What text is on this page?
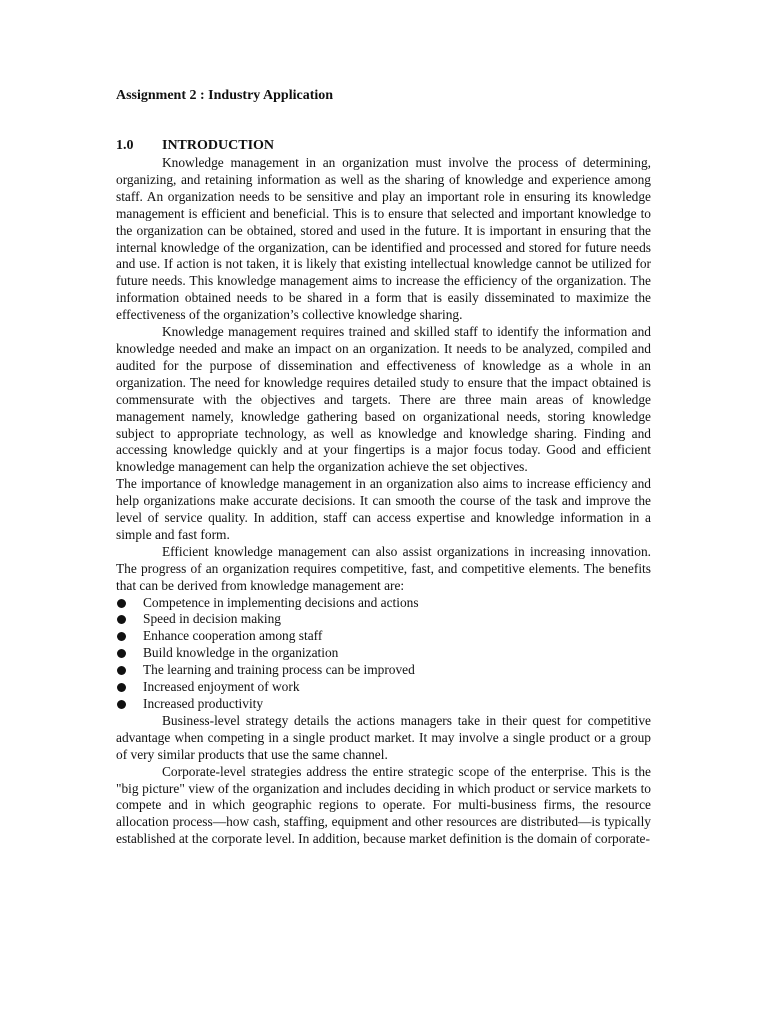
Assignment 2 : Industry Application
1.0 INTRODUCTION

Knowledge management in an organization must involve the process of determining, organizing, and retaining information as well as the sharing of knowledge and experience among staff. An organization needs to be sensitive and play an important role in ensuring its knowledge management is efficient and beneficial. This is to ensure that selected and important knowledge to the organization can be obtained, stored and used in the future. It is important in ensuring that the internal knowledge of the organization, can be identified and processed and stored for future needs and use. If action is not taken, it is likely that existing intellectual knowledge cannot be utilized for future needs. This knowledge management aims to increase the efficiency of the organization. The information obtained needs to be shared in a form that is easily disseminated to maximize the effectiveness of the organization’s collective knowledge sharing.

Knowledge management requires trained and skilled staff to identify the information and knowledge needed and make an impact on an organization. It needs to be analyzed, compiled and audited for the purpose of dissemination and effectiveness of knowledge as a whole in an organization. The need for knowledge requires detailed study to ensure that the impact obtained is commensurate with the objectives and targets. There are three main areas of knowledge management namely, knowledge gathering based on organizational needs, storing knowledge subject to appropriate technology, as well as knowledge and knowledge sharing. Finding and accessing knowledge quickly and at your fingertips is a major focus today. Good and efficient knowledge management can help the organization achieve the set objectives.

The importance of knowledge management in an organization also aims to increase efficiency and help organizations make accurate decisions. It can smooth the course of the task and improve the level of service quality. In addition, staff can access expertise and knowledge information in a simple and fast form.

Efficient knowledge management can also assist organizations in increasing innovation. The progress of an organization requires competitive, fast, and competitive elements. The benefits that can be derived from knowledge management are:

Competence in implementing decisions and actions
Speed in decision making
Enhance cooperation among staff
Build knowledge in the organization
The learning and training process can be improved
Increased enjoyment of work
Increased productivity

Business-level strategy details the actions managers take in their quest for competitive advantage when competing in a single product market. It may involve a single product or a group of very similar products that use the same channel.

Corporate-level strategies address the entire strategic scope of the enterprise. This is the "big picture" view of the organization and includes deciding in which product or service markets to compete and in which geographic regions to operate. For multi-business firms, the resource allocation process—how cash, staffing, equipment and other resources are distributed—is typically established at the corporate level. In addition, because market definition is the domain of corporate-
